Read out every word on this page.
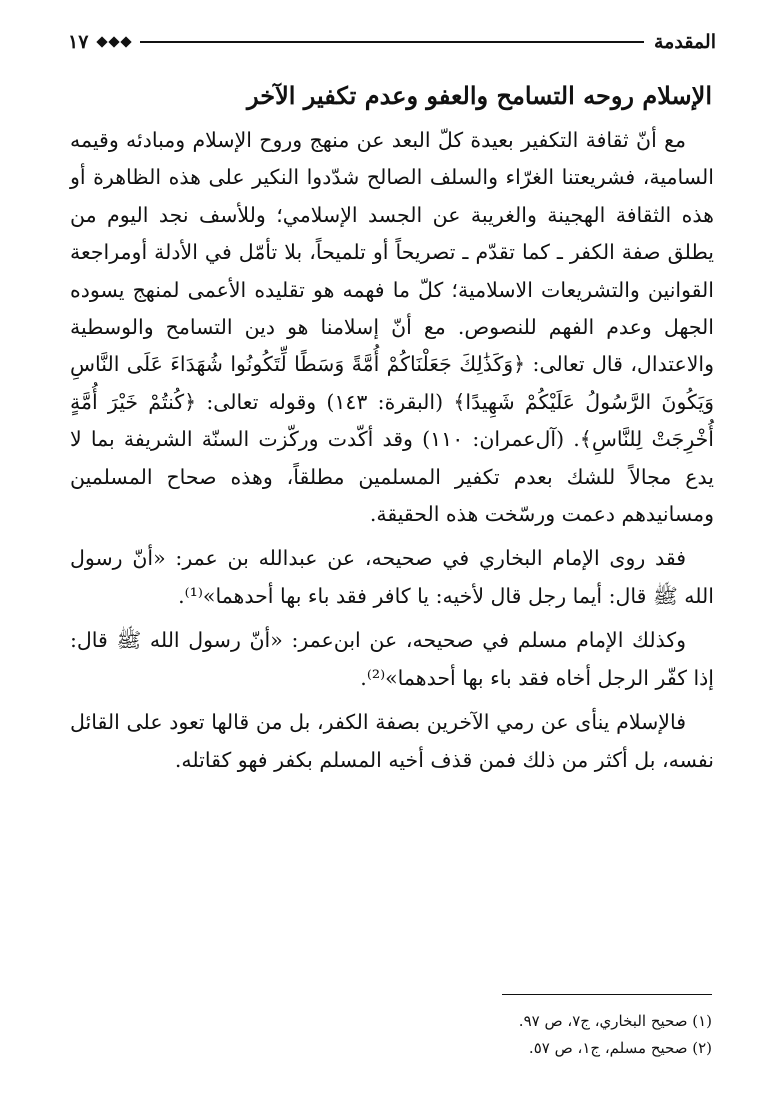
المقدمة
١٧
الإسلام روحه التسامح والعفو وعدم تكفير الآخر

مع أنّ ثقافة التكفير بعيدة كلّ البعد عن منهج وروح الإسلام ومبادئه وقيمه السامية، فشريعتنا الغرّاء والسلف الصالح شدّدوا النكير على هذه الظاهرة أو هذه الثقافة الهجينة والغريبة عن الجسد الإسلامي؛ وللأسف نجد اليوم من يطلق صفة الكفر ـ كما تقدّم ـ تصريحاً أو تلميحاً، بلا تأمّل في الأدلة أومراجعة القوانين والتشريعات الاسلامية؛ كلّ ما فهمه هو تقليده الأعمى لمنهج يسوده الجهل وعدم الفهم للنصوص. مع أنّ إسلامنا هو دين التسامح والوسطية والاعتدال، قال تعالى: ﴿وَكَذَٰلِكَ جَعَلْنَاكُمْ أُمَّةً وَسَطًا لِّتَكُونُوا شُهَدَاءَ عَلَى النَّاسِ وَيَكُونَ الرَّسُولُ عَلَيْكُمْ شَهِيدًا﴾ (البقرة: ١٤٣) وقوله تعالى: ﴿كُنتُمْ خَيْرَ أُمَّةٍ أُخْرِجَتْ لِلنَّاسِ﴾. (آل‌عمران: ١١٠) وقد أكّدت وركّزت السنّة الشريفة بما لا يدع مجالاً للشك بعدم تكفير المسلمين مطلقاً، وهذه صحاح المسلمين ومسانيدهم دعمت ورسّخت هذه الحقيقة.

فقد روى الإمام البخاري في صحيحه، عن عبدالله بن عمر: «أنّ رسول الله ﷺ قال: أيما رجل قال لأخيه: يا كافر فقد باء بها أحدهما»⁽¹⁾.

وكذلك الإمام مسلم في صحيحه، عن ابن‌عمر: «أنّ رسول الله ﷺ قال: إذا كفّر الرجل أخاه فقد باء بها أحدهما»⁽²⁾.

فالإسلام ينأى عن رمي الآخرين بصفة الكفر، بل من قالها تعود على القائل نفسه، بل أكثر من ذلك فمن قذف أخيه المسلم بكفر فهو كقاتله.

(١) صحيح البخاري، ج٧، ص ٩٧.
(٢) صحيح مسلم، ج١، ص ٥٧.
